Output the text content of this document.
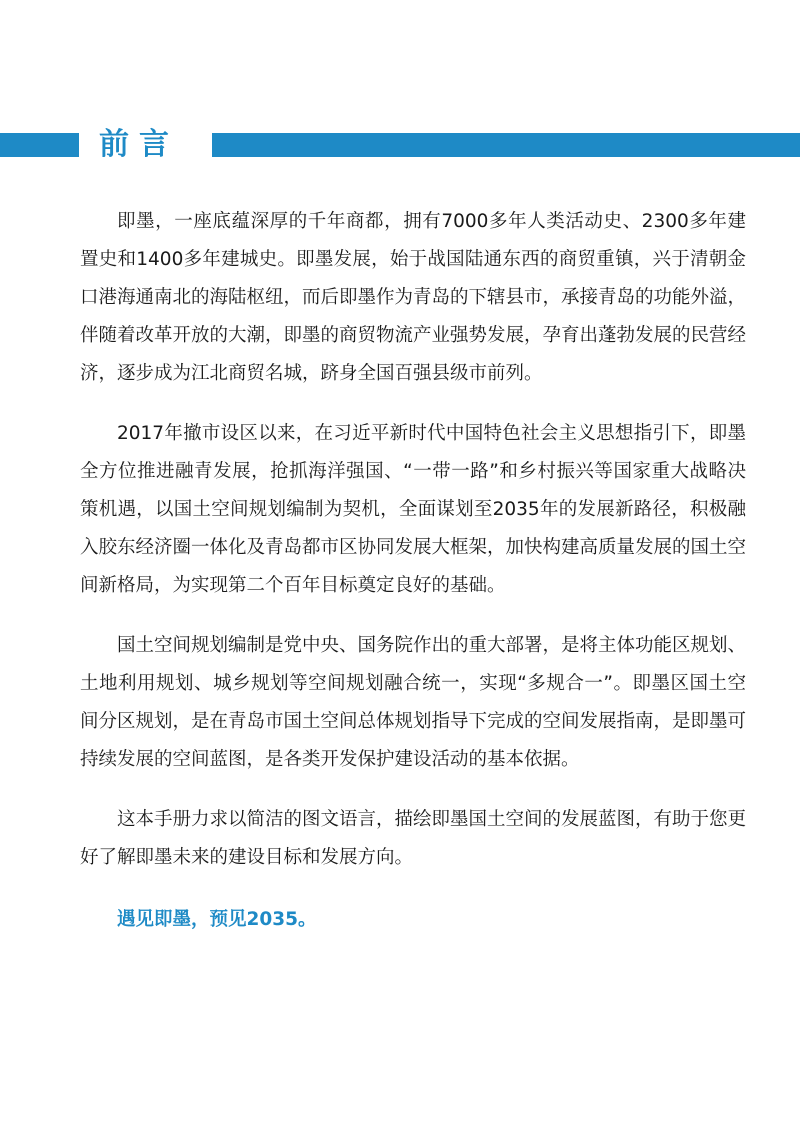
前言

即墨，一座底蕴深厚的千年商都，拥有7000多年人类活动史、2300多年建置史和1400多年建城史。即墨发展，始于战国陆通东西的商贸重镇，兴于清朝金口港海通南北的海陆枢纽，而后即墨作为青岛的下辖县市，承接青岛的功能外溢，伴随着改革开放的大潮，即墨的商贸物流产业强势发展，孕育出蓬勃发展的民营经济，逐步成为江北商贸名城，跻身全国百强县级市前列。

2017年撤市设区以来，在习近平新时代中国特色社会主义思想指引下，即墨全方位推进融青发展，抢抓海洋强国、“一带一路”和乡村振兴等国家重大战略决策机遇，以国土空间规划编制为契机，全面谋划至2035年的发展新路径，积极融入胶东经济圈一体化及青岛都市区协同发展大框架，加快构建高质量发展的国土空间新格局，为实现第二个百年目标奠定良好的基础。

国土空间规划编制是党中央、国务院作出的重大部署，是将主体功能区规划、土地利用规划、城乡规划等空间规划融合统一，实现“多规合一”。即墨区国土空间分区规划，是在青岛市国土空间总体规划指导下完成的空间发展指南，是即墨可持续发展的空间蓝图，是各类开发保护建设活动的基本依据。

这本手册力求以简洁的图文语言，描绘即墨国土空间的发展蓝图，有助于您更好了解即墨未来的建设目标和发展方向。

遇见即墨，预见2035。
